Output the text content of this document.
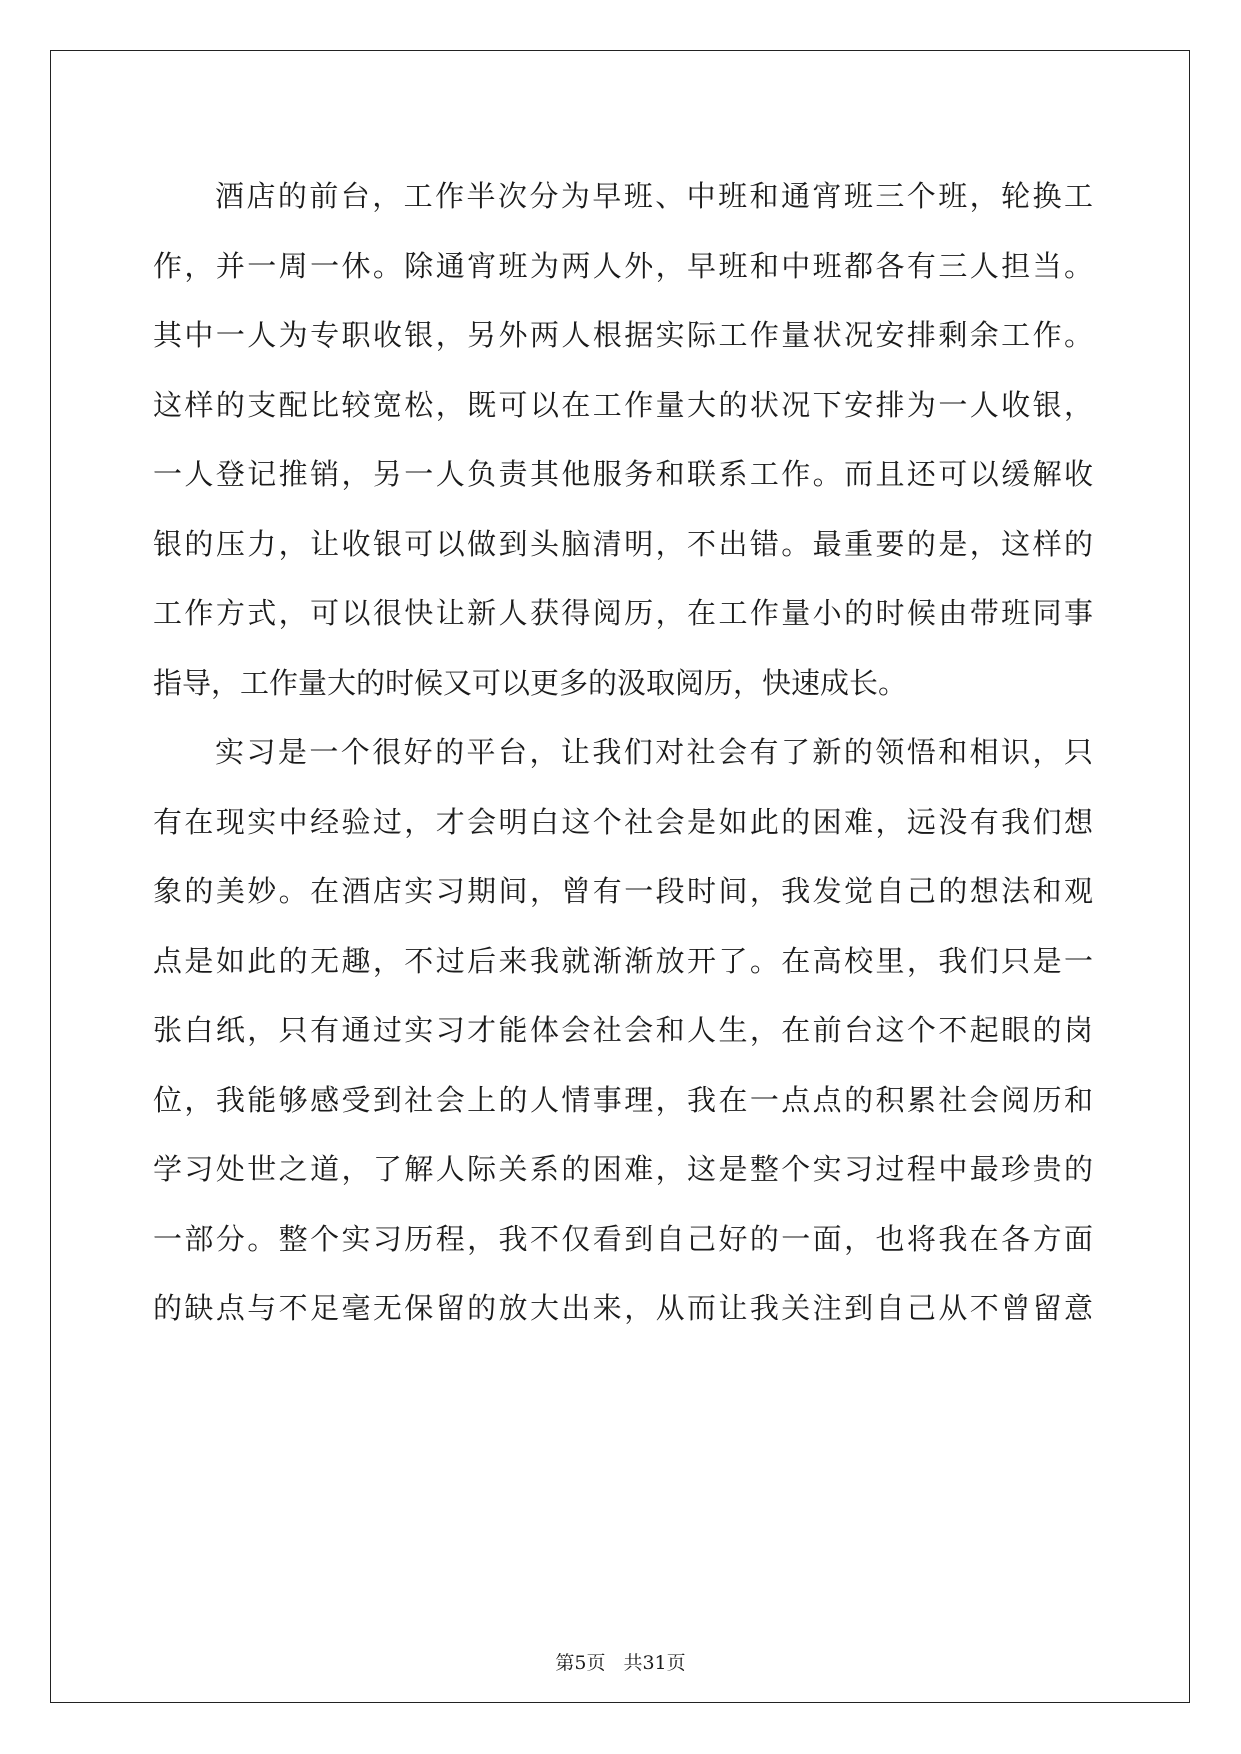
酒店的前台，工作半次分为早班、中班和通宵班三个班，轮换工
作，并一周一休。除通宵班为两人外，早班和中班都各有三人担当。
其中一人为专职收银，另外两人根据实际工作量状况安排剩余工作。
这样的支配比较宽松，既可以在工作量大的状况下安排为一人收银，
一人登记推销，另一人负责其他服务和联系工作。而且还可以缓解收
银的压力，让收银可以做到头脑清明，不出错。最重要的是，这样的
工作方式，可以很快让新人获得阅历，在工作量小的时候由带班同事
指导，工作量大的时候又可以更多的汲取阅历，快速成长。
实习是一个很好的平台，让我们对社会有了新的领悟和相识，只
有在现实中经验过，才会明白这个社会是如此的困难，远没有我们想
象的美妙。在酒店实习期间，曾有一段时间，我发觉自己的想法和观
点是如此的无趣，不过后来我就渐渐放开了。在高校里，我们只是一
张白纸，只有通过实习才能体会社会和人生，在前台这个不起眼的岗
位，我能够感受到社会上的人情事理，我在一点点的积累社会阅历和
学习处世之道，了解人际关系的困难，这是整个实习过程中最珍贵的
一部分。整个实习历程，我不仅看到自己好的一面，也将我在各方面
的缺点与不足毫无保留的放大出来，从而让我关注到自己从不曾留意
第5页 共31页
